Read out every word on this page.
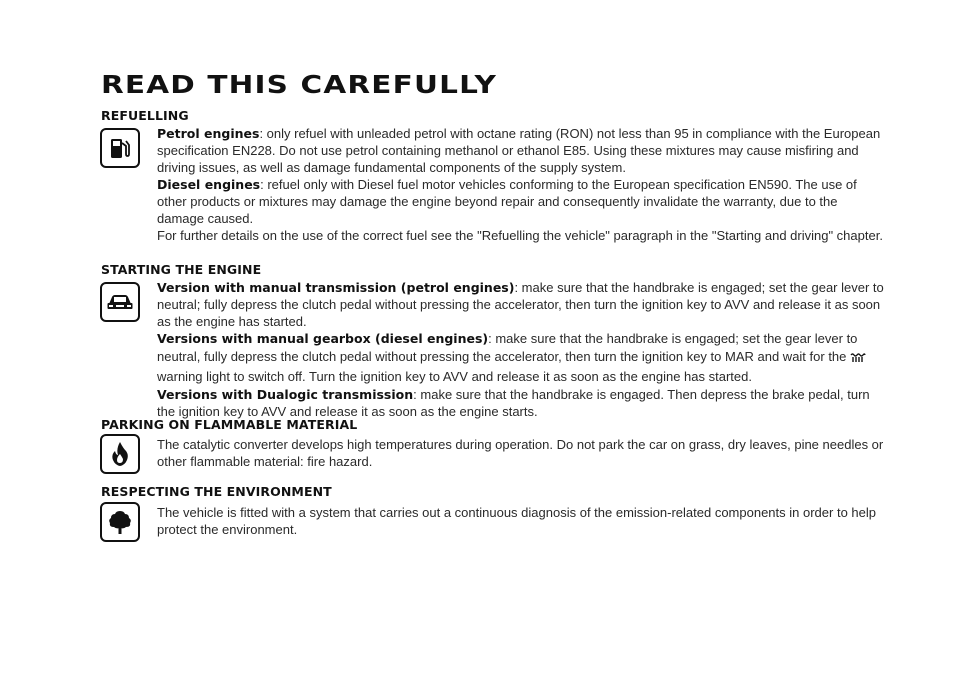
READ THIS CAREFULLY
REFUELLING

Petrol engines: only refuel with unleaded petrol with octane rating (RON) not less than 95 in compliance with the European specification EN228. Do not use petrol containing methanol or ethanol E85. Using these mixtures may cause misfiring and driving issues, as well as damage fundamental components of the supply system.

Diesel engines: refuel only with Diesel fuel motor vehicles conforming to the European specification EN590. The use of other products or mixtures may damage the engine beyond repair and consequently invalidate the warranty, due to the damage caused.

For further details on the use of the correct fuel see the "Refuelling the vehicle" paragraph in the "Starting and driving" chapter.

STARTING THE ENGINE

Version with manual transmission (petrol engines): make sure that the handbrake is engaged; set the gear lever to neutral; fully depress the clutch pedal without pressing the accelerator, then turn the ignition key to AVV and release it as soon as the engine has started.

Versions with manual gearbox (diesel engines): make sure that the handbrake is engaged; set the gear lever to neutral, fully depress the clutch pedal without pressing the accelerator, then turn the ignition key to MAR and wait for thewarning light to switch off. Turn the ignition key to AVV and release it as soon as the engine has started.

Versions with Dualogic transmission: make sure that the handbrake is engaged. Then depress the brake pedal, turn the ignition key to AVV and release it as soon as the engine starts.

PARKING ON FLAMMABLE MATERIAL

The catalytic converter develops high temperatures during operation. Do not park the car on grass, dry leaves, pine needles or other flammable material: fire hazard.

RESPECTING THE ENVIRONMENT

The vehicle is fitted with a system that carries out a continuous diagnosis of the emission-related components in order to help protect the environment.
